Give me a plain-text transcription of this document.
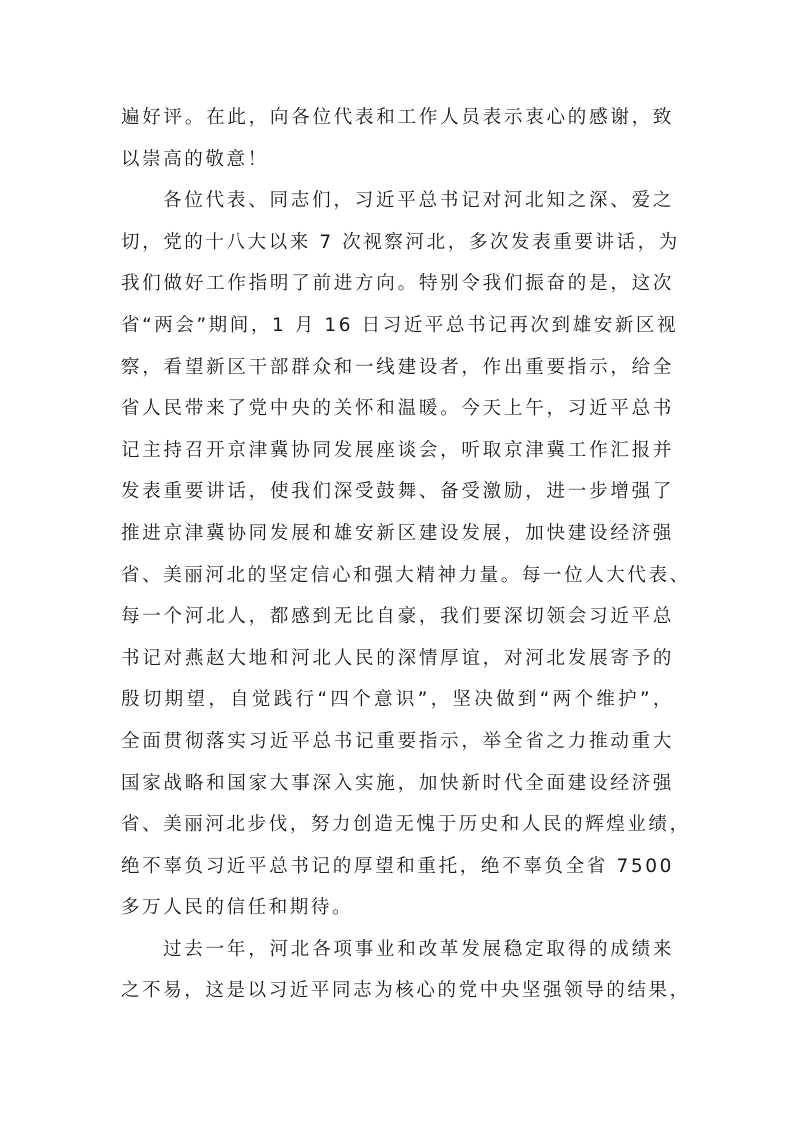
遍好评。在此，向各位代表和工作人员表示衷心的感谢，致
以崇高的敬意！
各位代表、同志们，习近平总书记对河北知之深、爱之
切，党的十八大以来 7 次视察河北，多次发表重要讲话，为
我们做好工作指明了前进方向。特别令我们振奋的是，这次
省“两会”期间，1 月 16 日习近平总书记再次到雄安新区视
察，看望新区干部群众和一线建设者，作出重要指示，给全
省人民带来了党中央的关怀和温暖。今天上午，习近平总书
记主持召开京津冀协同发展座谈会，听取京津冀工作汇报并
发表重要讲话，使我们深受鼓舞、备受激励，进一步增强了
推进京津冀协同发展和雄安新区建设发展，加快建设经济强
省、美丽河北的坚定信心和强大精神力量。每一位人大代表、
每一个河北人，都感到无比自豪，我们要深切领会习近平总
书记对燕赵大地和河北人民的深情厚谊，对河北发展寄予的
殷切期望，自觉践行“四个意识”，坚决做到“两个维护”，
全面贯彻落实习近平总书记重要指示，举全省之力推动重大
国家战略和国家大事深入实施，加快新时代全面建设经济强
省、美丽河北步伐，努力创造无愧于历史和人民的辉煌业绩，
绝不辜负习近平总书记的厚望和重托，绝不辜负全省 7500
多万人民的信任和期待。
过去一年，河北各项事业和改革发展稳定取得的成绩来
之不易，这是以习近平同志为核心的党中央坚强领导的结果，
